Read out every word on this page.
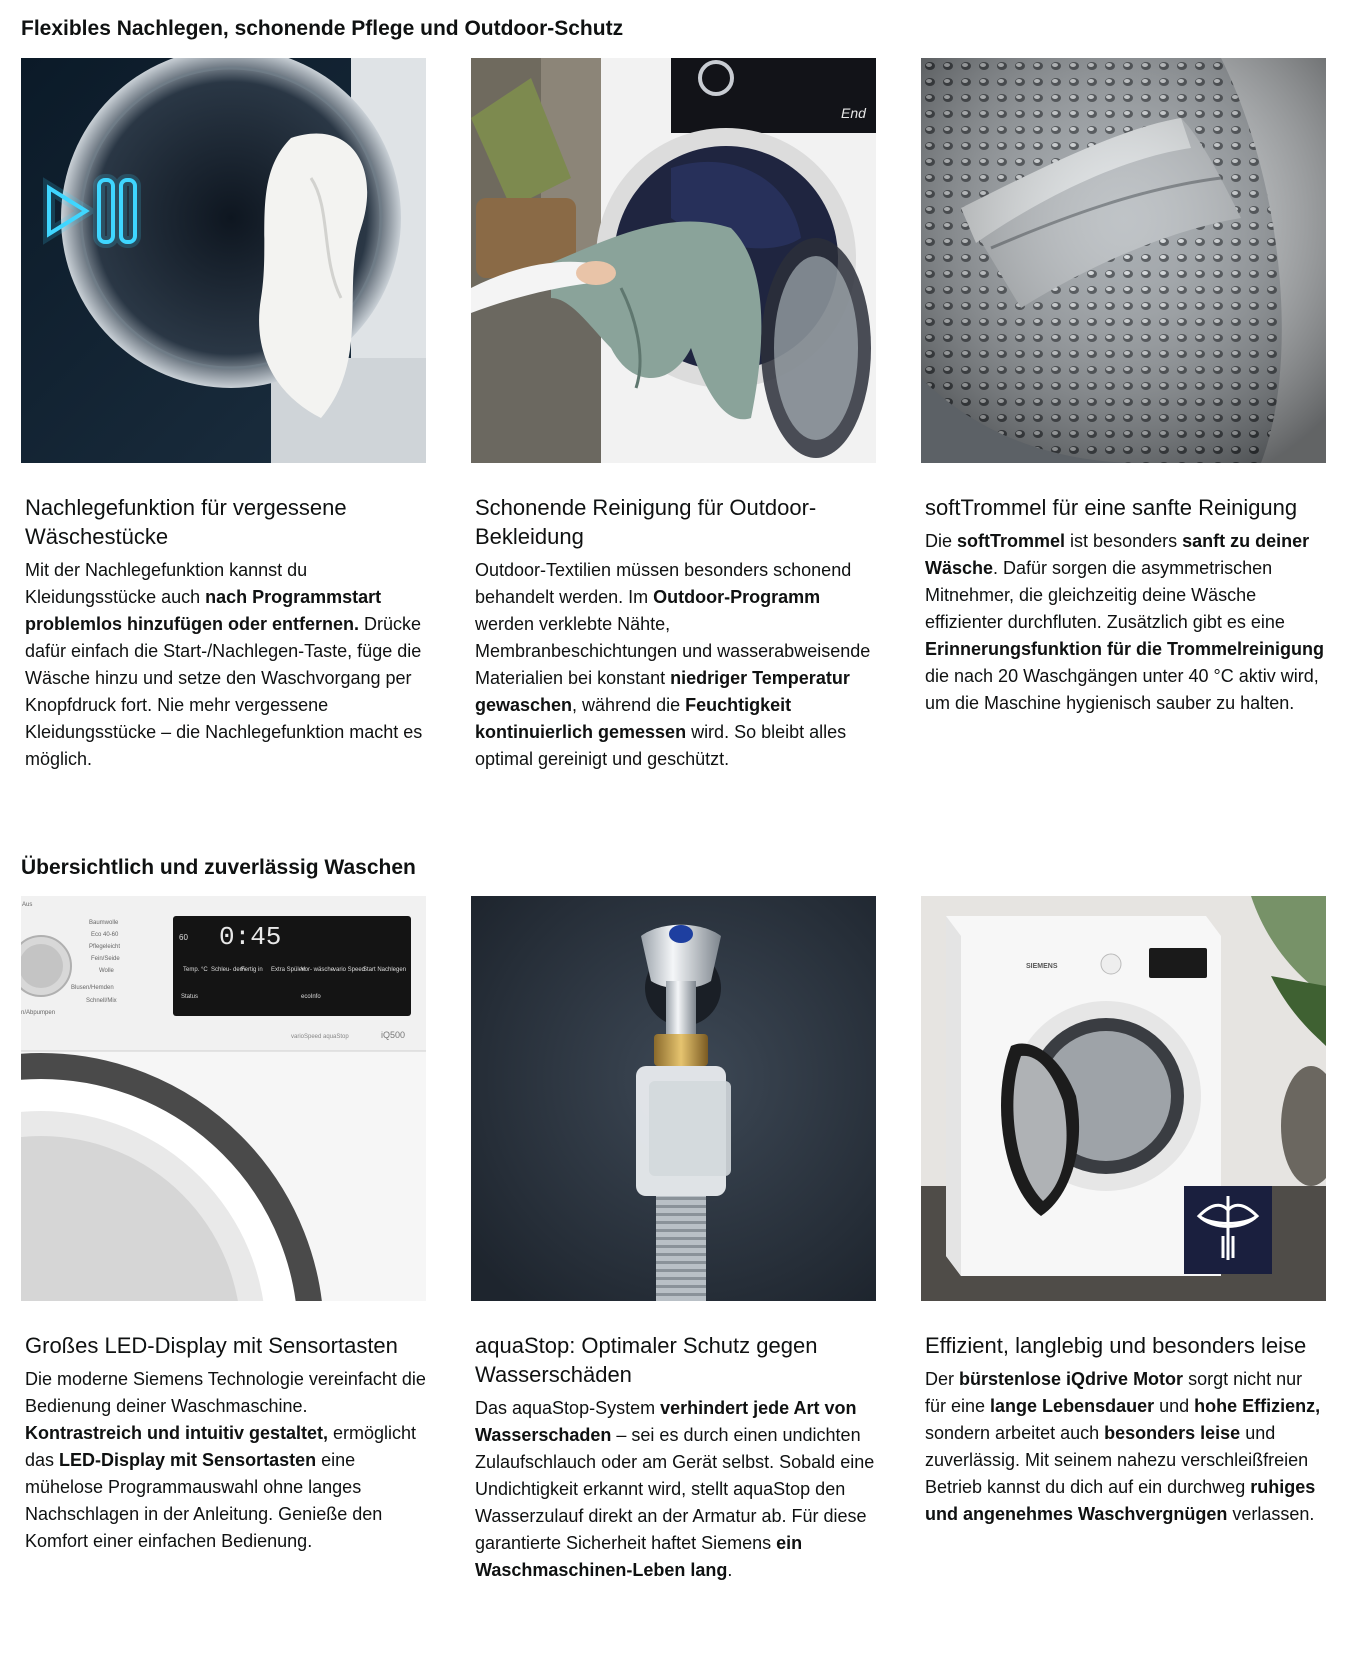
Flexibles Nachlegen, schonende Pflege und Outdoor-Schutz
Nachlegefunktion für vergessene Wäschestücke

Mit der Nachlegefunktion kannst du Kleidungsstücke auch nach Programmstart problemlos hinzufügen oder entfernen. Drücke dafür einfach die Start-/Nachlegen-Taste, füge die Wäsche hinzu und setze den Waschvorgang per Knopfdruck fort. Nie mehr vergessene Kleidungsstücke – die Nachlegefunktion macht es möglich.

End
Schonende Reinigung für Outdoor-Bekleidung

Outdoor-Textilien müssen besonders schonend behandelt werden. Im Outdoor-Programm werden verklebte Nähte, Membranbeschichtungen und wasserabweisende Materialien bei konstant niedriger Temperatur gewaschen, während die Feuchtigkeit kontinuierlich gemessen wird. So bleibt alles optimal gereinigt und geschützt.

softTrommel für eine sanfte Reinigung

Die softTrommel ist besonders sanft zu deiner Wäsche. Dafür sorgen die asymmetrischen Mitnehmer, die gleichzeitig deine Wäsche effizienter durchfluten. Zusätzlich gibt es eine Erinnerungsfunktion für die Trommelreinigung die nach 20 Waschgängen unter 40 °C aktiv wird, um die Maschine hygienisch sauber zu halten.

Übersichtlich und zuverlässig Waschen
Aus
Baumwolle
Eco 40-60
Pflegeleicht
Fein/Seide
Wolle
Blusen/Hemden
Schnell/Mix
n/Abpumpen
60 0:45
Temp. °C Schleu- dern
Fertig in Extra Spülen
Vor- wäsche
vario Speed
Start Nachlegen
Status	ecoInfo
varioSpeed aquaStop	iQ500
Großes LED-Display mit Sensortasten

Die moderne Siemens Technologie vereinfacht die Bedienung deiner Waschmaschine. Kontrastreich und intuitiv gestaltet, ermöglicht das LED-Display mit Sensortasten eine mühelose Programmauswahl ohne langes Nachschlagen in der Anleitung. Genieße den Komfort einer einfachen Bedienung.

aquaStop: Optimaler Schutz gegen Wasserschäden

Das aquaStop-System verhindert jede Art von Wasserschaden – sei es durch einen undichten Zulaufschlauch oder am Gerät selbst. Sobald eine Undichtigkeit erkannt wird, stellt aquaStop den Wasserzulauf direkt an der Armatur ab. Für diese garantierte Sicherheit haftet Siemens ein Waschmaschinen-Leben lang.

SIEMENS
Effizient, langlebig und besonders leise

Der bürstenlose iQdrive Motor sorgt nicht nur für eine lange Lebensdauer und hohe Effizienz, sondern arbeitet auch besonders leise und zuverlässig. Mit seinem nahezu verschleißfreien Betrieb kannst du dich auf ein durchweg ruhiges und angenehmes Waschvergnügen verlassen.
